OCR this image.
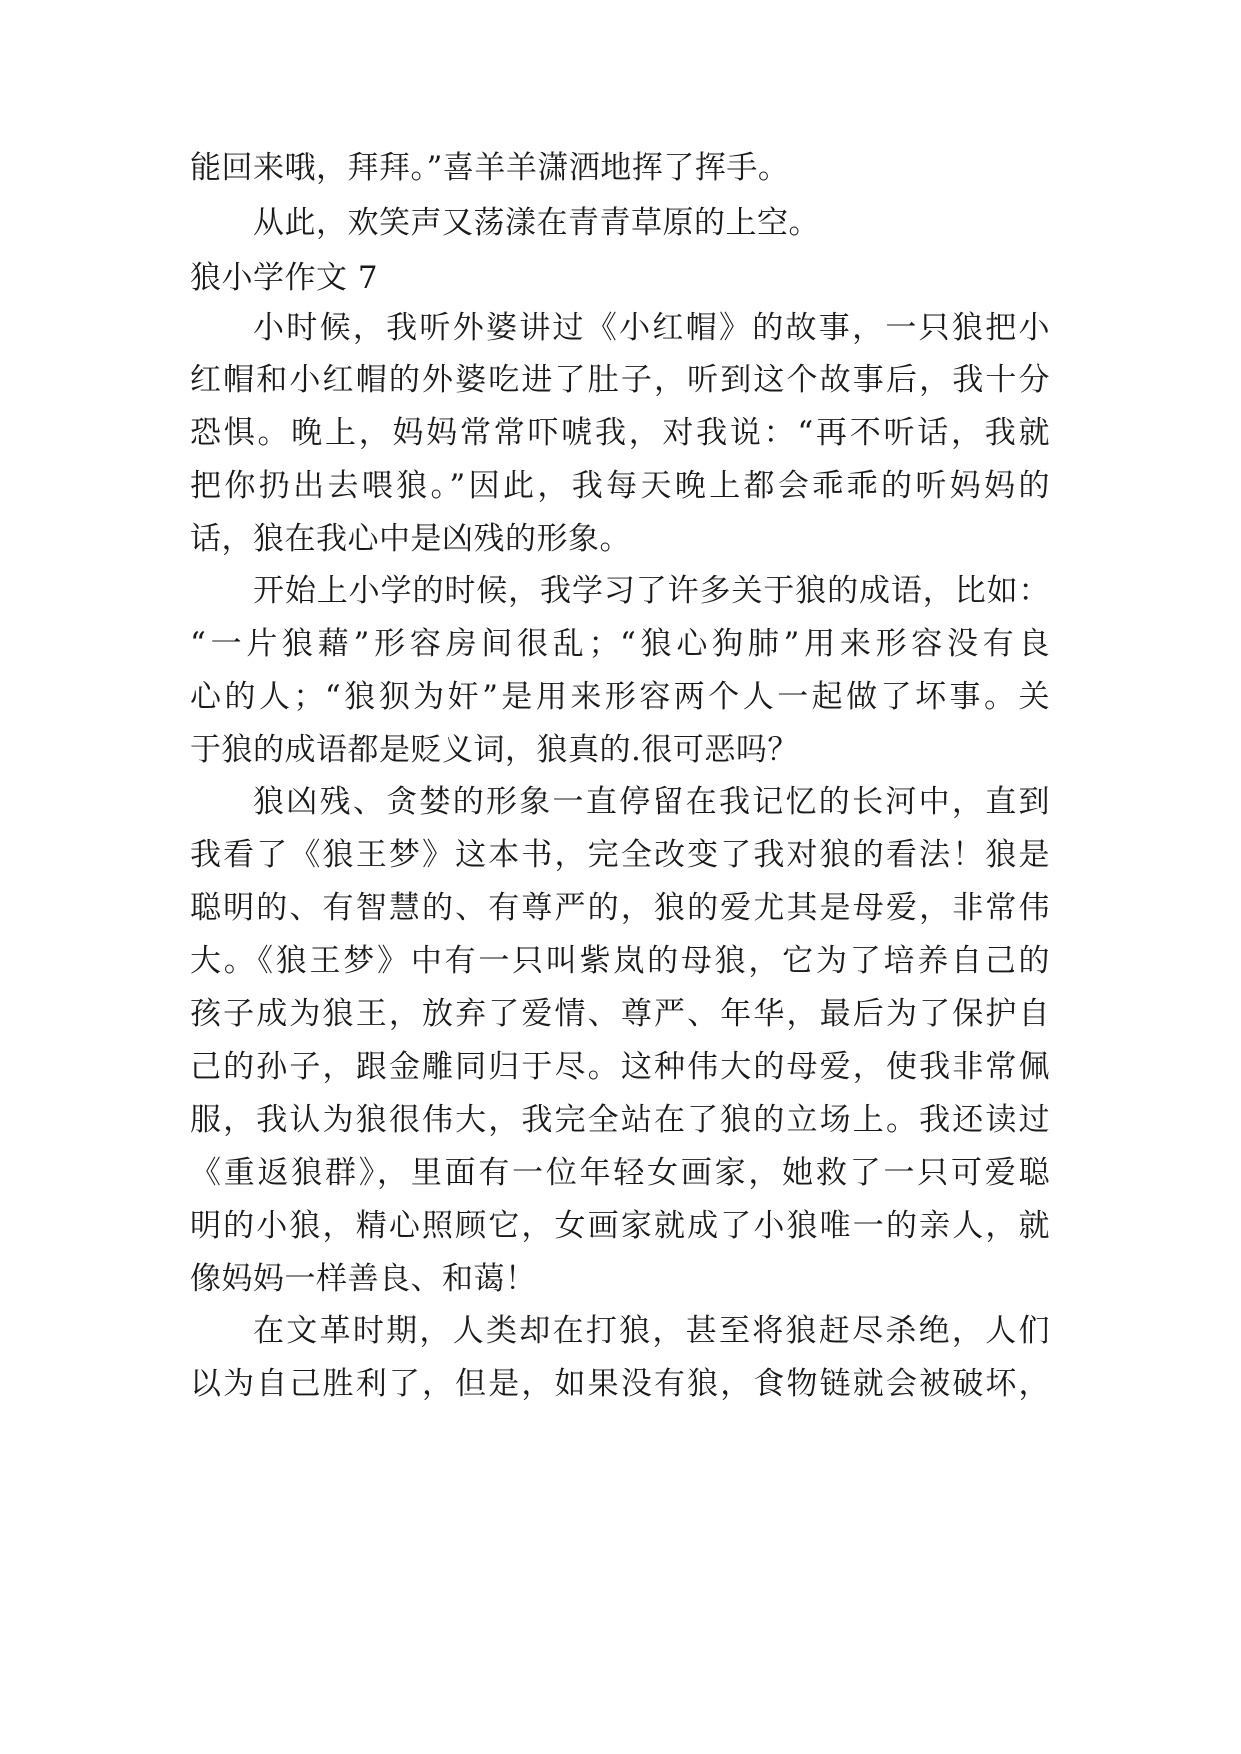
能回来哦，拜拜。”喜羊羊潇洒地挥了挥手。
从此，欢笑声又荡漾在青青草原的上空。
狼小学作文 7
小时候，我听外婆讲过《小红帽》的故事，一只狼把小
红帽和小红帽的外婆吃进了肚子，听到这个故事后，我十分
恐惧。晚上，妈妈常常吓唬我，对我说：“再不听话，我就
把你扔出去喂狼。”因此，我每天晚上都会乖乖的听妈妈的
话，狼在我心中是凶残的形象。
开始上小学的时候，我学习了许多关于狼的成语，比如：
“一片狼藉”形容房间很乱；“狼心狗肺”用来形容没有良
心的人；“狼狈为奸”是用来形容两个人一起做了坏事。关
于狼的成语都是贬义词，狼真的.很可恶吗？
狼凶残、贪婪的形象一直停留在我记忆的长河中，直到
我看了《狼王梦》这本书，完全改变了我对狼的看法！狼是
聪明的、有智慧的、有尊严的，狼的爱尤其是母爱，非常伟
大。《狼王梦》中有一只叫紫岚的母狼，它为了培养自己的
孩子成为狼王，放弃了爱情、尊严、年华，最后为了保护自
己的孙子，跟金雕同归于尽。这种伟大的母爱，使我非常佩
服，我认为狼很伟大，我完全站在了狼的立场上。我还读过
《重返狼群》，里面有一位年轻女画家，她救了一只可爱聪
明的小狼，精心照顾它，女画家就成了小狼唯一的亲人，就
像妈妈一样善良、和蔼！
在文革时期，人类却在打狼，甚至将狼赶尽杀绝，人们
以为自己胜利了，但是，如果没有狼，食物链就会被破坏，
